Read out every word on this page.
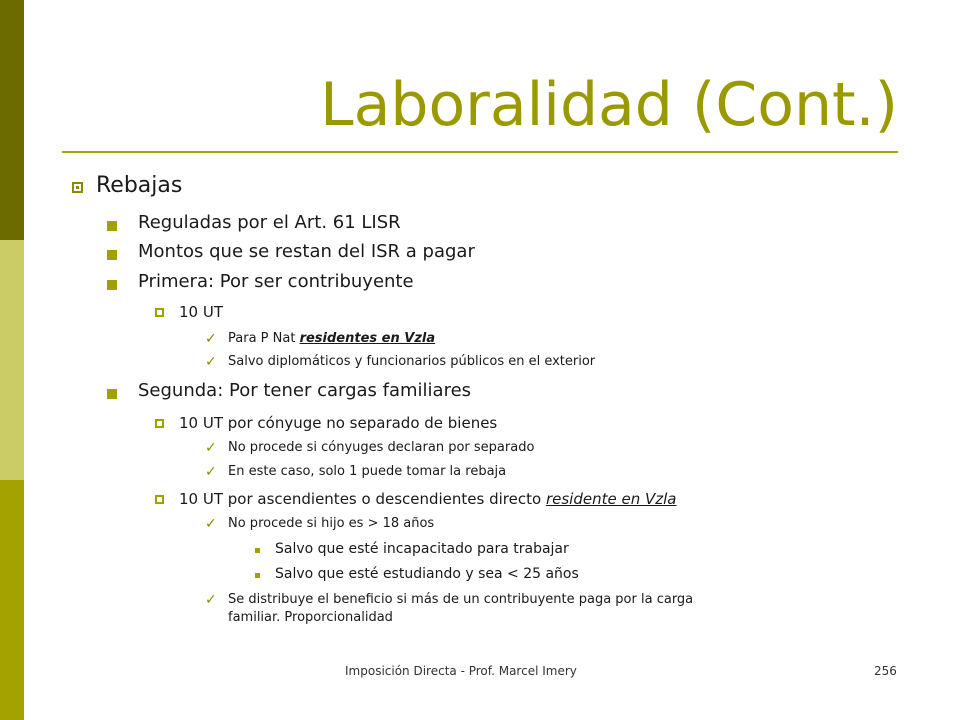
Laboralidad (Cont.)
Rebajas
Reguladas por el Art. 61 LISR
Montos que se restan del ISR a pagar
Primera: Por ser contribuyente
10 UT
✓ Para P Nat residentes en Vzla
✓ Salvo diplomáticos y funcionarios públicos en el exterior
Segunda: Por tener cargas familiares
10 UT por cónyuge no separado de bienes
✓ No procede si cónyuges declaran por separado
✓ En este caso, solo 1 puede tomar la rebaja
10 UT por ascendientes o descendientes directo residente en Vzla
✓ No procede si hijo es > 18 años
Salvo que esté incapacitado para trabajar
Salvo que esté estudiando y sea < 25 años
✓ Se distribuye el beneficio si más de un contribuyente paga por la carga
familiar. Proporcionalidad
Imposición Directa - Prof. Marcel Imery	256
